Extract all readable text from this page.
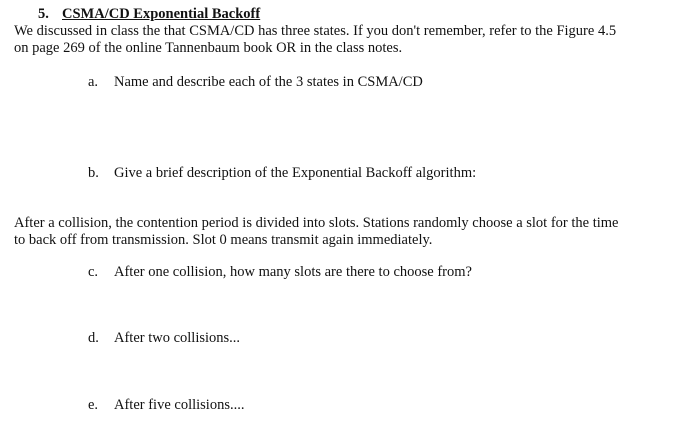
5. CSMA/CD Exponential Backoff
We discussed in class the that CSMA/CD has three states. If you don't remember, refer to the Figure 4.5
on page 269 of the online Tannenbaum book OR in the class notes.
a. Name and describe each of the 3 states in CSMA/CD
b. Give a brief description of the Exponential Backoff algorithm:
After a collision, the contention period is divided into slots. Stations randomly choose a slot for the time
to back off from transmission. Slot 0 means transmit again immediately.
c. After one collision, how many slots are there to choose from?
d. After two collisions...
e. After five collisions....
